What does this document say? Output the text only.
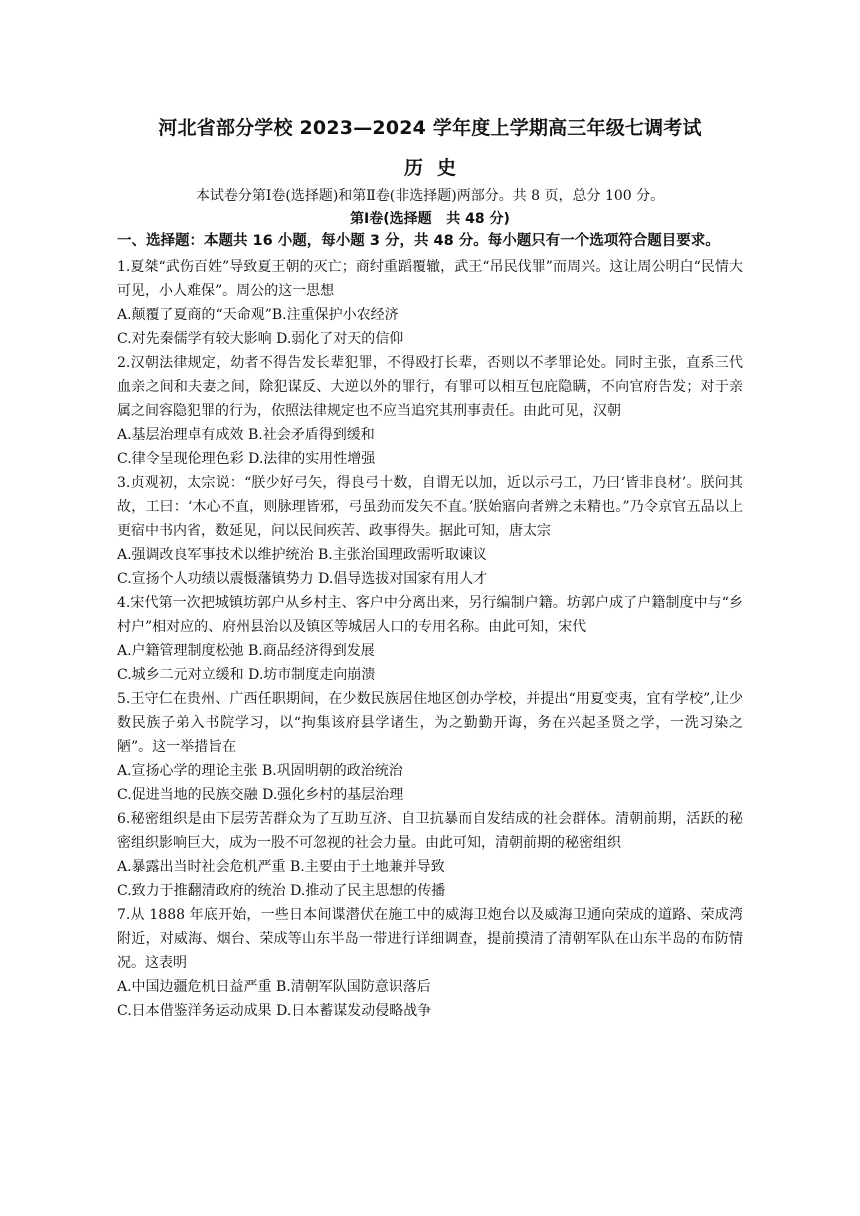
河北省部分学校 2023—2024 学年度上学期高三年级七调考试
历史

本试卷分第Ⅰ卷(选择题)和第Ⅱ卷(非选择题)两部分。共 8 页，总分 100 分。

第Ⅰ卷(选择题   共 48 分)

一、选择题：本题共 16 小题，每小题 3 分，共 48 分。每小题只有一个选项符合题目要求。

1.夏桀“武伤百姓”导致夏王朝的灭亡；商纣重蹈覆辙，武王“吊民伐罪”而周兴。这让周公明白“民情大可见，小人难保”。周公的这一思想

A.颠覆了夏商的“天命观”B.注重保护小农经济

C.对先秦儒学有较大影响 D.弱化了对天的信仰

2.汉朝法律规定，幼者不得告发长辈犯罪，不得殴打长辈，否则以不孝罪论处。同时主张，直系三代血亲之间和夫妻之间，除犯谋反、大逆以外的罪行，有罪可以相互包庇隐瞒，不向官府告发；对于亲属之间容隐犯罪的行为，依照法律规定也不应当追究其刑事责任。由此可见，汉朝

A.基层治理卓有成效 B.社会矛盾得到缓和

C.律令呈现伦理色彩 D.法律的实用性增强

3.贞观初，太宗说：“朕少好弓矢，得良弓十数，自谓无以加，近以示弓工，乃曰‘皆非良材’。朕问其故，工曰：‘木心不直，则脉理皆邪，弓虽劲而发矢不直。’朕始寤向者辨之未精也。”乃令京官五品以上更宿中书内省，数延见，问以民间疾苦、政事得失。据此可知，唐太宗

A.强调改良军事技术以维护统治 B.主张治国理政需听取谏议

C.宣扬个人功绩以震慑藩镇势力 D.倡导选拔对国家有用人才

4.宋代第一次把城镇坊郭户从乡村主、客户中分离出来，另行编制户籍。坊郭户成了户籍制度中与“乡村户”相对应的、府州县治以及镇区等城居人口的专用名称。由此可知，宋代

A.户籍管理制度松弛 B.商品经济得到发展

C.城乡二元对立缓和 D.坊市制度走向崩溃

5.王守仁在贵州、广西任职期间，在少数民族居住地区创办学校，并提出“用夏变夷，宜有学校”,让少数民族子弟入书院学习，以“拘集该府县学诸生，为之勤勤开诲，务在兴起圣贤之学，一洗习染之陋”。这一举措旨在

A.宣扬心学的理论主张 B.巩固明朝的政治统治

C.促进当地的民族交融 D.强化乡村的基层治理

6.秘密组织是由下层劳苦群众为了互助互济、自卫抗暴而自发结成的社会群体。清朝前期，活跃的秘密组织影响巨大，成为一股不可忽视的社会力量。由此可知，清朝前期的秘密组织

A.暴露出当时社会危机严重 B.主要由于土地兼并导致

C.致力于推翻清政府的统治 D.推动了民主思想的传播

7.从 1888 年底开始，一些日本间谍潜伏在施工中的威海卫炮台以及威海卫通向荣成的道路、荣成湾附近，对威海、烟台、荣成等山东半岛一带进行详细调查，提前摸清了清朝军队在山东半岛的布防情况。这表明

A.中国边疆危机日益严重 B.清朝军队国防意识落后

C.日本借鉴洋务运动成果 D.日本蓄谋发动侵略战争
